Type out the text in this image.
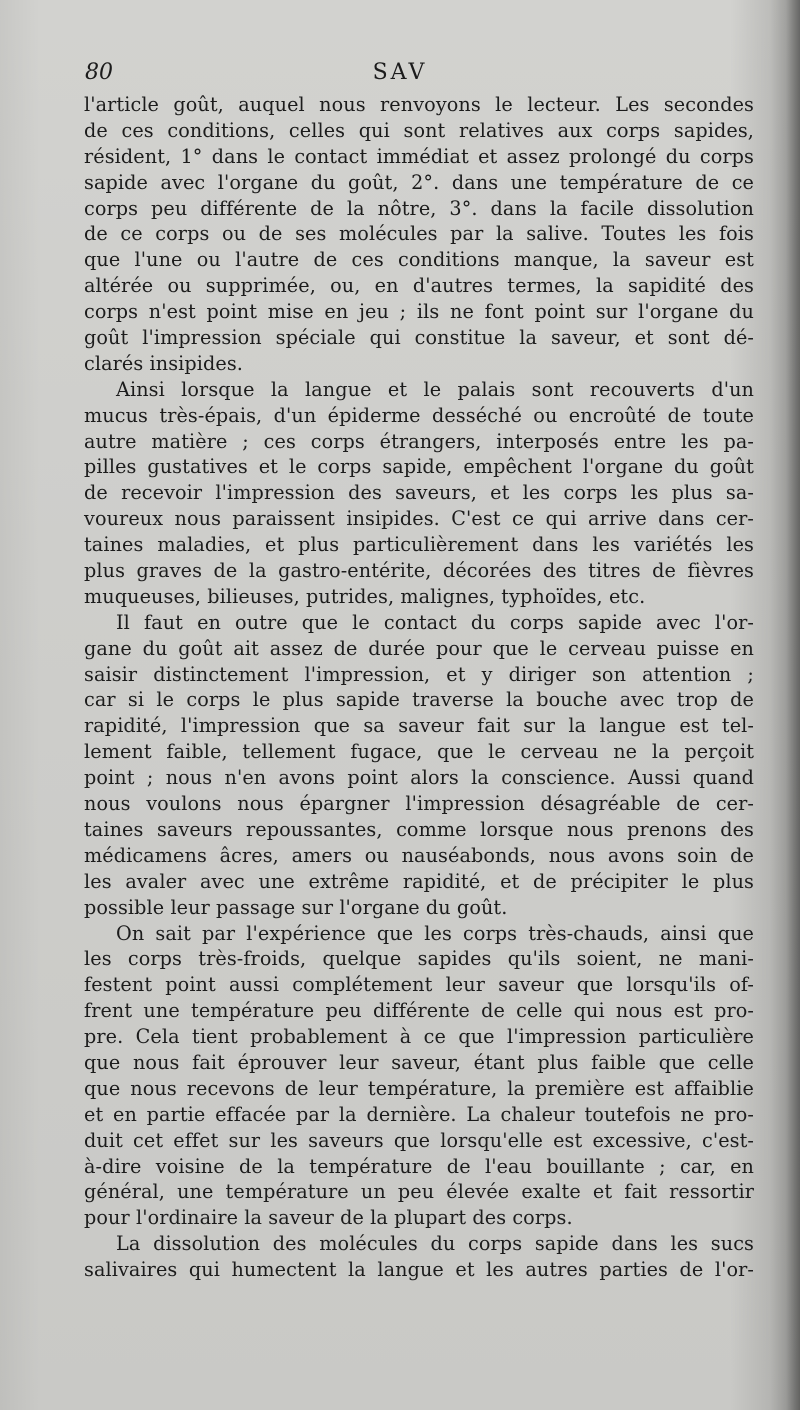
80	SAV
l'article goût, auquel nous renvoyons le lecteur. Les secondes
de ces conditions, celles qui sont relatives aux corps sapides,
résident, 1° dans le contact immédiat et assez prolongé du corps
sapide avec l'organe du goût, 2°. dans une température de ce
corps peu différente de la nôtre, 3°. dans la facile dissolution
de ce corps ou de ses molécules par la salive. Toutes les fois
que l'une ou l'autre de ces conditions manque, la saveur est
altérée ou supprimée, ou, en d'autres termes, la sapidité des
corps n'est point mise en jeu ; ils ne font point sur l'organe du
goût l'impression spéciale qui constitue la saveur, et sont dé-
clarés insipides.
Ainsi lorsque la langue et le palais sont recouverts d'un
mucus très-épais, d'un épiderme desséché ou encroûté de toute
autre matière ; ces corps étrangers, interposés entre les pa-
pilles gustatives et le corps sapide, empêchent l'organe du goût
de recevoir l'impression des saveurs, et les corps les plus sa-
voureux nous paraissent insipides. C'est ce qui arrive dans cer-
taines maladies, et plus particulièrement dans les variétés les
plus graves de la gastro-entérite, décorées des titres de fièvres
muqueuses, bilieuses, putrides, malignes, typhoïdes, etc.
Il faut en outre que le contact du corps sapide avec l'or-
gane du goût ait assez de durée pour que le cerveau puisse en
saisir distinctement l'impression, et y diriger son attention ;
car si le corps le plus sapide traverse la bouche avec trop de
rapidité, l'impression que sa saveur fait sur la langue est tel-
lement faible, tellement fugace, que le cerveau ne la perçoit
point ; nous n'en avons point alors la conscience. Aussi quand
nous voulons nous épargner l'impression désagréable de cer-
taines saveurs repoussantes, comme lorsque nous prenons des
médicamens âcres, amers ou nauséabonds, nous avons soin de
les avaler avec une extrême rapidité, et de précipiter le plus
possible leur passage sur l'organe du goût.
On sait par l'expérience que les corps très-chauds, ainsi que
les corps très-froids, quelque sapides qu'ils soient, ne mani-
festent point aussi complétement leur saveur que lorsqu'ils of-
frent une température peu différente de celle qui nous est pro-
pre. Cela tient probablement à ce que l'impression particulière
que nous fait éprouver leur saveur, étant plus faible que celle
que nous recevons de leur température, la première est affaiblie
et en partie effacée par la dernière. La chaleur toutefois ne pro-
duit cet effet sur les saveurs que lorsqu'elle est excessive, c'est-
à-dire voisine de la température de l'eau bouillante ; car, en
général, une température un peu élevée exalte et fait ressortir
pour l'ordinaire la saveur de la plupart des corps.
La dissolution des molécules du corps sapide dans les sucs
salivaires qui humectent la langue et les autres parties de l'or-
